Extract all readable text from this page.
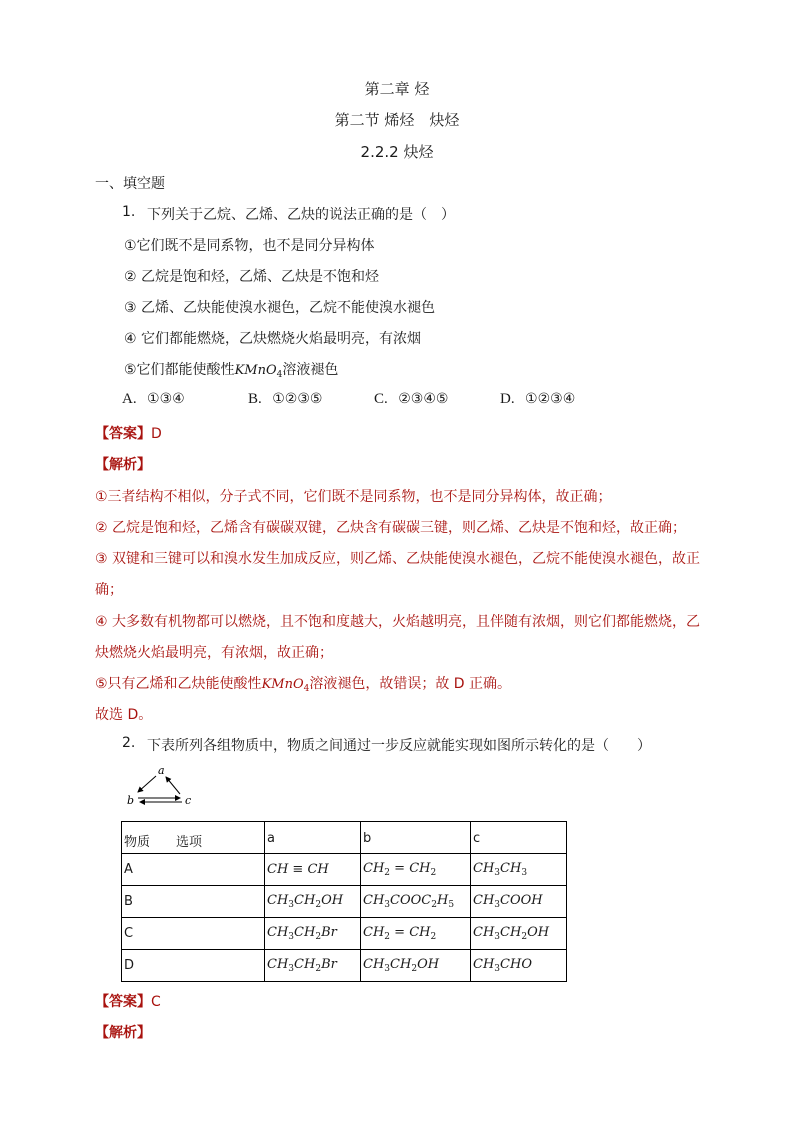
第二章 烃
第二节 烯烃　炔烃
2.2.2 炔烃
一、填空题
1. 下列关于乙烷、乙烯、乙炔的说法正确的是（　）
①它们既不是同系物，也不是同分异构体
② 乙烷是饱和烃，乙烯、乙炔是不饱和烃
③ 乙烯、乙炔能使溴水褪色，乙烷不能使溴水褪色
④ 它们都能燃烧，乙炔燃烧火焰最明亮，有浓烟
⑤它们都能使酸性KMnO$_4$溶液褪色
A. ①③④	B. ①②③⑤	C. ②③④⑤	D. ①②③④
【答案】D
【解析】
①三者结构不相似，分子式不同，它们既不是同系物，也不是同分异构体，故正确；
② 乙烷是饱和烃，乙烯含有碳碳双键，乙炔含有碳碳三键，则乙烯、乙炔是不饱和烃，故正确；
③ 双键和三键可以和溴水发生加成反应，则乙烯、乙炔能使溴水褪色，乙烷不能使溴水褪色，故正
确；
④ 大多数有机物都可以燃烧，且不饱和度越大，火焰越明亮，且伴随有浓烟，则它们都能燃烧，乙
炔燃烧火焰最明亮，有浓烟，故正确；
⑤只有乙烯和乙炔能使酸性KMnO$_4$溶液褪色，故错误；故 D 正确。
故选 D。
2. 下表所列各组物质中，物质之间通过一步反应就能实现如图所示转化的是（　　）
a
b	c
物质　　选项	a	b	c
A	CH ≡ CH	$CH_2 = CH_2$	$CH_3CH_3$
B	$CH_3CH_2OH$	$CH_3COOC_2H_5$	$CH_3COOH$
C	$CH_3CH_2Br$	$CH_2 = CH_2$	$CH_3CH_2OH$
D	$CH_3CH_2Br$	$CH_3CH_2OH$	$CH_3CHO$
【答案】C
【解析】
